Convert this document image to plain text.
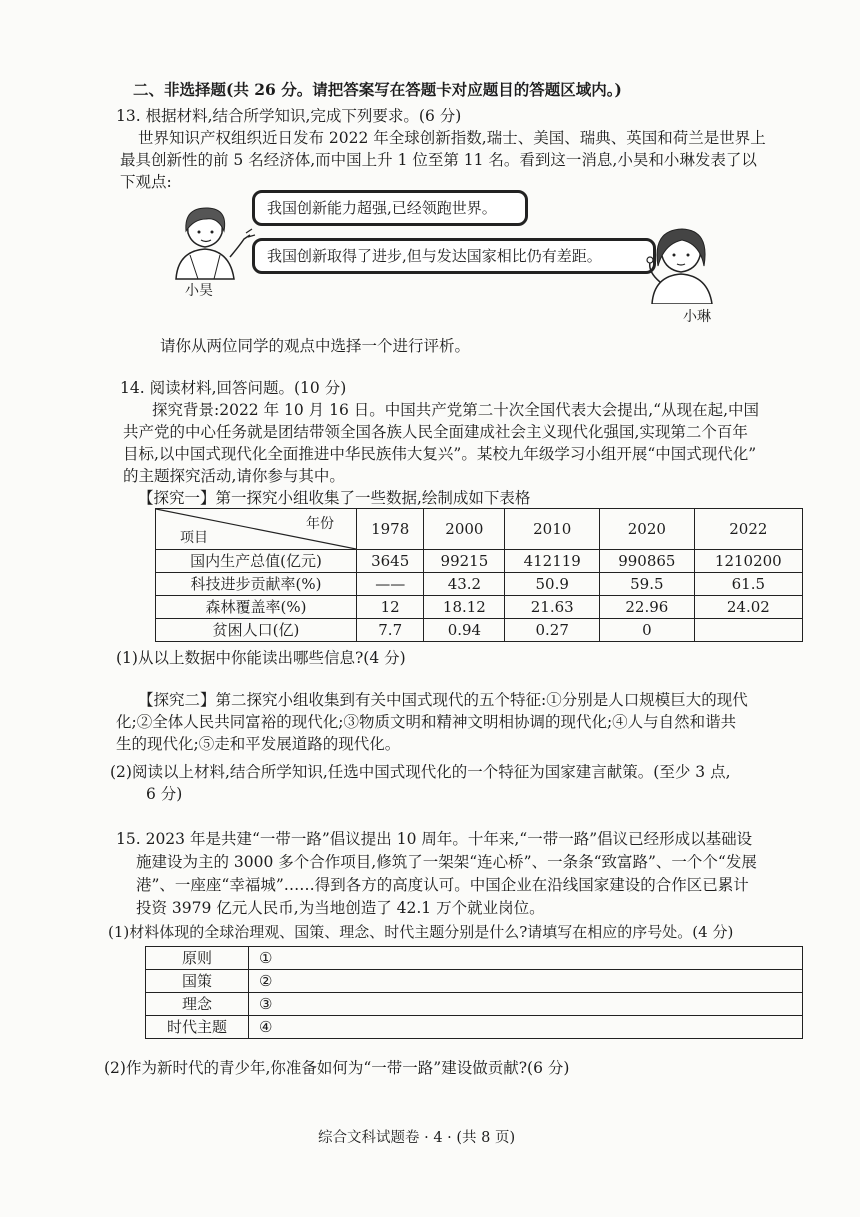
二、非选择题(共 26 分。请把答案写在答题卡对应题目的答题区域内。)
13. 根据材料,结合所学知识,完成下列要求。(6 分)
世界知识产权组织近日发布 2022 年全球创新指数,瑞士、美国、瑞典、英国和荷兰是世界上
最具创新性的前 5 名经济体,而中国上升 1 位至第 11 名。看到这一消息,小昊和小琳发表了以
下观点:
小昊
我国创新能力超强,已经领跑世界。
我国创新取得了进步,但与发达国家相比仍有差距。
小琳
请你从两位同学的观点中选择一个进行评析。
14. 阅读材料,回答问题。(10 分)
探究背景:2022 年 10 月 16 日。中国共产党第二十次全国代表大会提出,“从现在起,中国
共产党的中心任务就是团结带领全国各族人民全面建成社会主义现代化强国,实现第二个百年
目标,以中国式现代化全面推进中华民族伟大复兴”。某校九年级学习小组开展“中国式现代化”
的主题探究活动,请你参与其中。
【探究一】第一探究小组收集了一些数据,绘制成如下表格
项目
年份	1978	2000	2010	2020	2022
国内生产总值(亿元)	3645	99215	412119	990865	1210200
科技进步贡献率(%)	——	43.2	50.9	59.5	61.5
森林覆盖率(%)	12	18.12	21.63	22.96	24.02
贫困人口(亿)	7.7	0.94	0.27	0	
(1)从以上数据中你能读出哪些信息?(4 分)
【探究二】第二探究小组收集到有关中国式现代的五个特征:①分别是人口规模巨大的现代
化;②全体人民共同富裕的现代化;③物质文明和精神文明相协调的现代化;④人与自然和谐共
生的现代化;⑤走和平发展道路的现代化。
(2)阅读以上材料,结合所学知识,任选中国式现代化的一个特征为国家建言献策。(至少 3 点,
6 分)
15. 2023 年是共建“一带一路”倡议提出 10 周年。十年来,“一带一路”倡议已经形成以基础设
施建设为主的 3000 多个合作项目,修筑了一架架“连心桥”、一条条“致富路”、一个个“发展
港”、一座座“幸福城”……得到各方的高度认可。中国企业在沿线国家建设的合作区已累计
投资 3979 亿元人民币,为当地创造了 42.1 万个就业岗位。
(1)材料体现的全球治理观、国策、理念、时代主题分别是什么?请填写在相应的序号处。(4 分)
原则	①
国策	②
理念	③
时代主题	④
(2)作为新时代的青少年,你准备如何为“一带一路”建设做贡献?(6 分)
综合文科试题卷 · 4 · (共 8 页)
